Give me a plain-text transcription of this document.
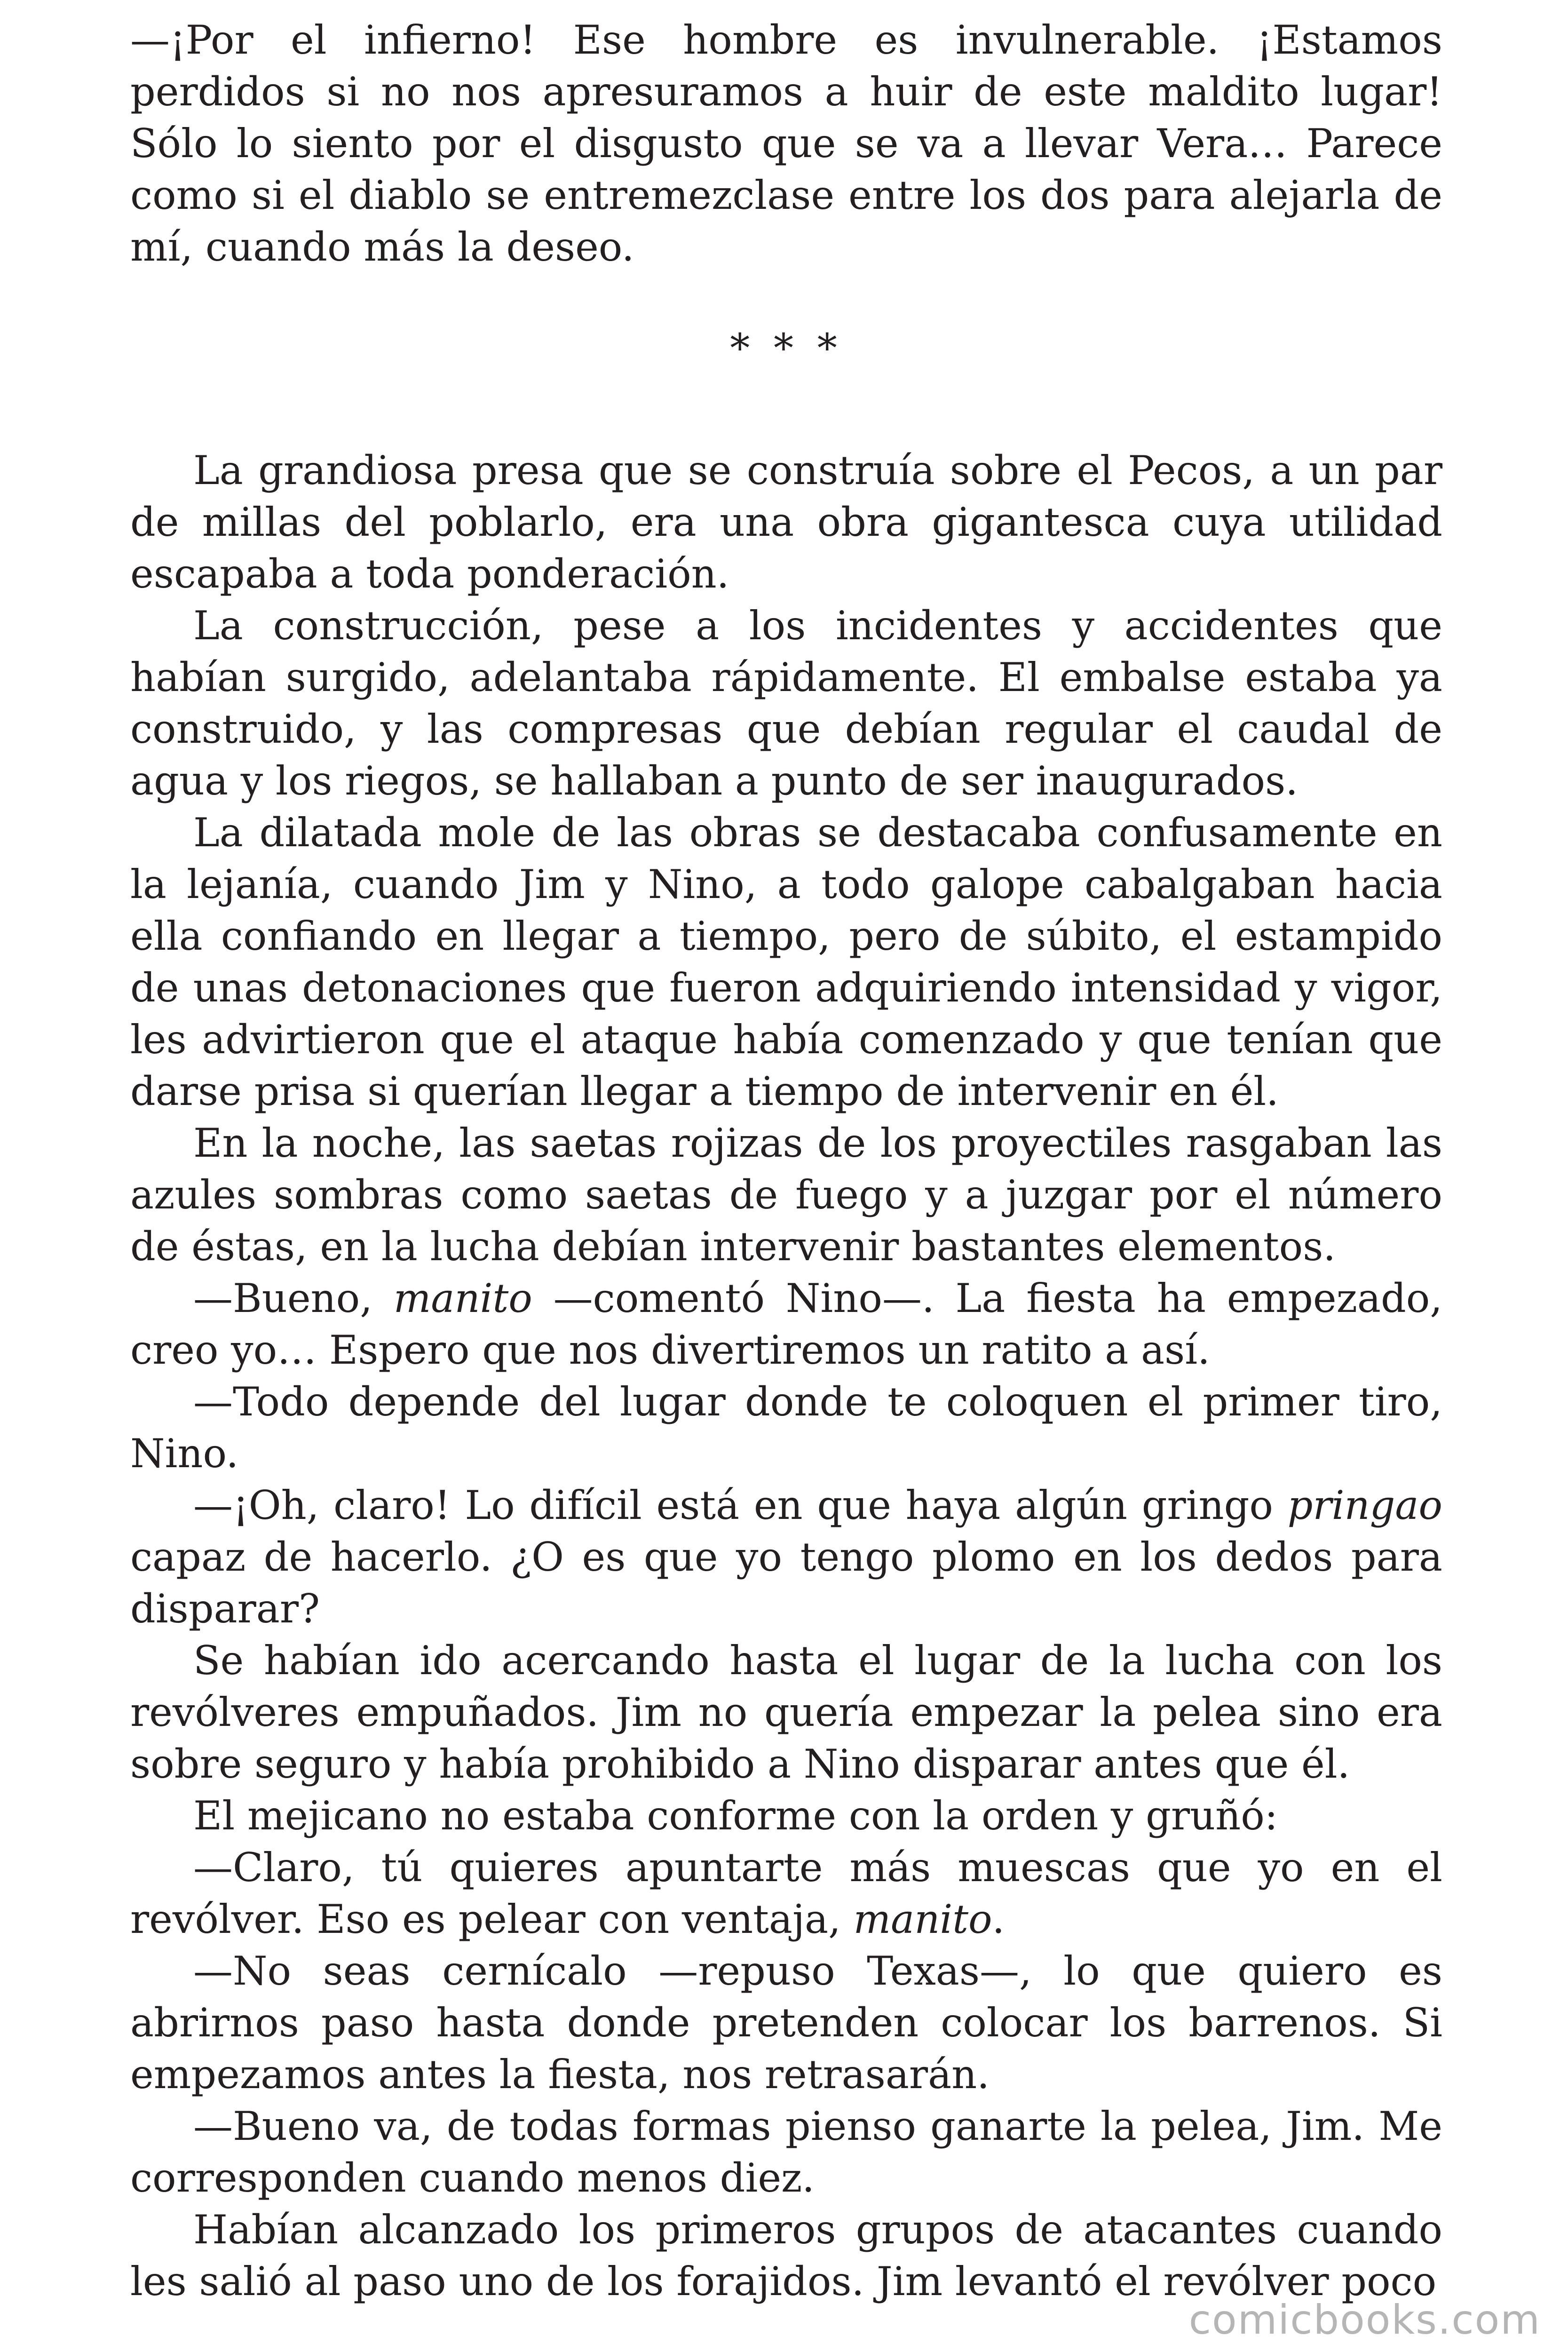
—¡Por el infierno! Ese hombre es invulnerable. ¡Estamos perdidos si no nos apresuramos a huir de este maldito lugar! Sólo lo siento por el disgusto que se va a llevar Vera… Parece como si el diablo se entremezclase entre los dos para alejarla de mí, cuando más la deseo.

* * *

La grandiosa presa que se construía sobre el Pecos, a un par de millas del poblarlo, era una obra gigantesca cuya utilidad escapaba a toda ponderación.

La construcción, pese a los incidentes y accidentes que habían surgido, adelantaba rápidamente. El embalse estaba ya construido, y las compresas que debían regular el caudal de agua y los riegos, se hallaban a punto de ser inaugurados.

La dilatada mole de las obras se destacaba confusamente en la lejanía, cuando Jim y Nino, a todo galope cabalgaban hacia ella confiando en llegar a tiempo, pero de súbito, el estampido de unas detonaciones que fueron adquiriendo intensidad y vigor, les advirtieron que el ataque había comenzado y que tenían que darse prisa si querían llegar a tiempo de intervenir en él.

En la noche, las saetas rojizas de los proyectiles rasgaban las azules sombras como saetas de fuego y a juzgar por el número de éstas, en la lucha debían intervenir bastantes elementos.

—Bueno, manito —comentó Nino—. La fiesta ha empezado, creo yo… Espero que nos divertiremos un ratito a así.

—Todo depende del lugar donde te coloquen el primer tiro, Nino.

—¡Oh, claro! Lo difícil está en que haya algún gringo pringao capaz de hacerlo. ¿O es que yo tengo plomo en los dedos para disparar?

Se habían ido acercando hasta el lugar de la lucha con los revólveres empuñados. Jim no quería empezar la pelea sino era sobre seguro y había prohibido a Nino disparar antes que él.

El mejicano no estaba conforme con la orden y gruñó:

—Claro, tú quieres apuntarte más muescas que yo en el revólver. Eso es pelear con ventaja, manito.

—No seas cernícalo —repuso Texas—, lo que quiero es abrirnos paso hasta donde pretenden colocar los barrenos. Si empezamos antes la fiesta, nos retrasarán.

—Bueno va, de todas formas pienso ganarte la pelea, Jim. Me corresponden cuando menos diez.

Habían alcanzado los primeros grupos de atacantes cuando les salió al paso uno de los forajidos. Jim levantó el revólver poco

comicbooks.com
